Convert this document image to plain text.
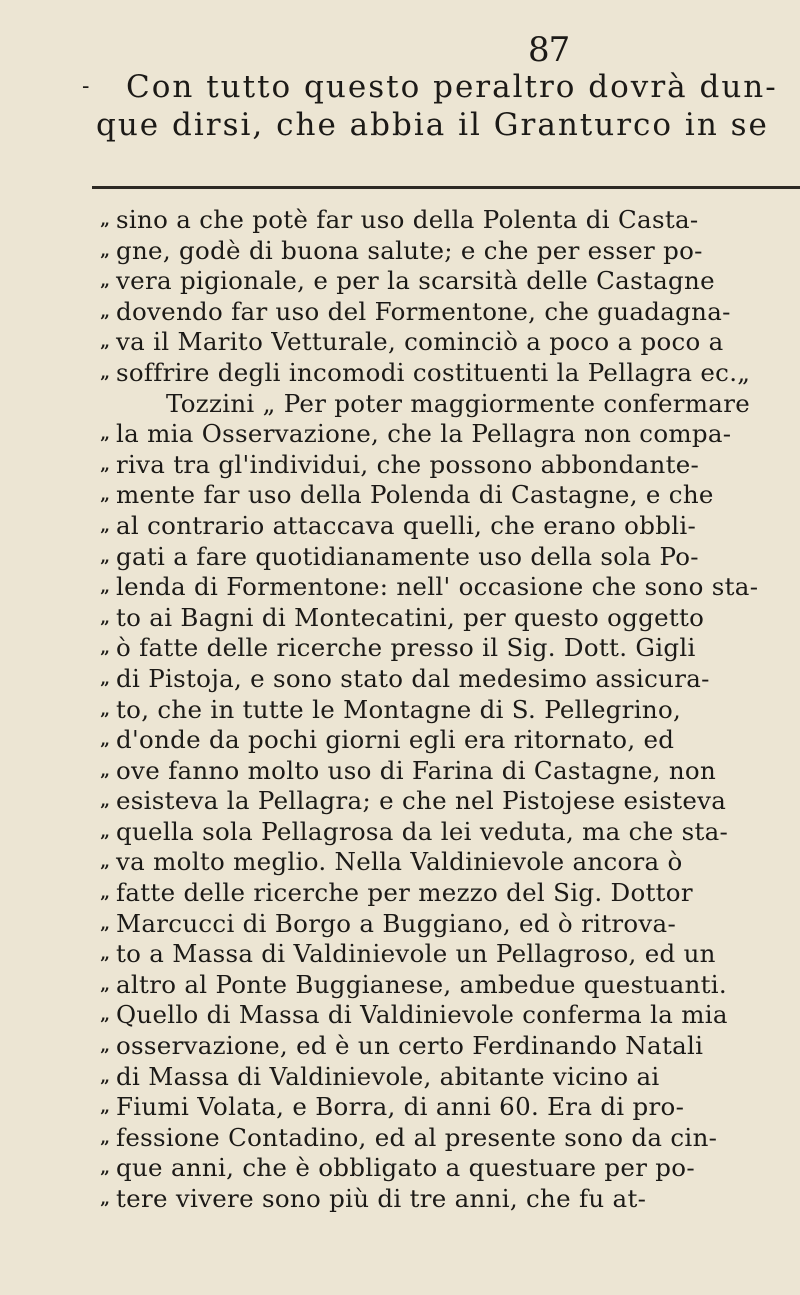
87
-	Con tutto questo peraltro dovrà dun-
que dirsi, che abbia il Granturco in se
„ sino a che potè far uso della Polenta di Casta-
„ gne, godè di buona salute; e che per esser po-
„ vera pigionale, e per la scarsità delle Castagne
„ dovendo far uso del Formentone, che guadagna-
„ va il Marito Vetturale, cominciò a poco a poco a
„ soffrire degli incomodi costituenti la Pellagra ec.„
Tozzini „ Per poter maggiormente confermare
„ la mia Osservazione, che la Pellagra non compa-
„ riva tra gl'individui, che possono abbondante-
„ mente far uso della Polenda di Castagne, e che
„ al contrario attaccava quelli, che erano obbli-
„ gati a fare quotidianamente uso della sola Po-
„ lenda di Formentone: nell' occasione che sono sta-
„ to ai Bagni di Montecatini, per questo oggetto
„ ò fatte delle ricerche presso il Sig. Dott. Gigli
„ di Pistoja, e sono stato dal medesimo assicura-
„ to, che in tutte le Montagne di S. Pellegrino,
„ d'onde da pochi giorni egli era ritornato, ed
„ ove fanno molto uso di Farina di Castagne, non
„ esisteva la Pellagra; e che nel Pistojese esisteva
„ quella sola Pellagrosa da lei veduta, ma che sta-
„ va molto meglio. Nella Valdinievole ancora ò
„ fatte delle ricerche per mezzo del Sig. Dottor
„ Marcucci di Borgo a Buggiano, ed ò ritrova-
„ to a Massa di Valdinievole un Pellagroso, ed un
„ altro al Ponte Buggianese, ambedue questuanti.
„ Quello di Massa di Valdinievole conferma la mia
„ osservazione, ed è un certo Ferdinando Natali
„ di Massa di Valdinievole, abitante vicino ai
„ Fiumi Volata, e Borra, di anni 60. Era di pro-
„ fessione Contadino, ed al presente sono da cin-
„ que anni, che è obbligato a questuare per po-
„ tere vivere sono più di tre anni, che fu at-
